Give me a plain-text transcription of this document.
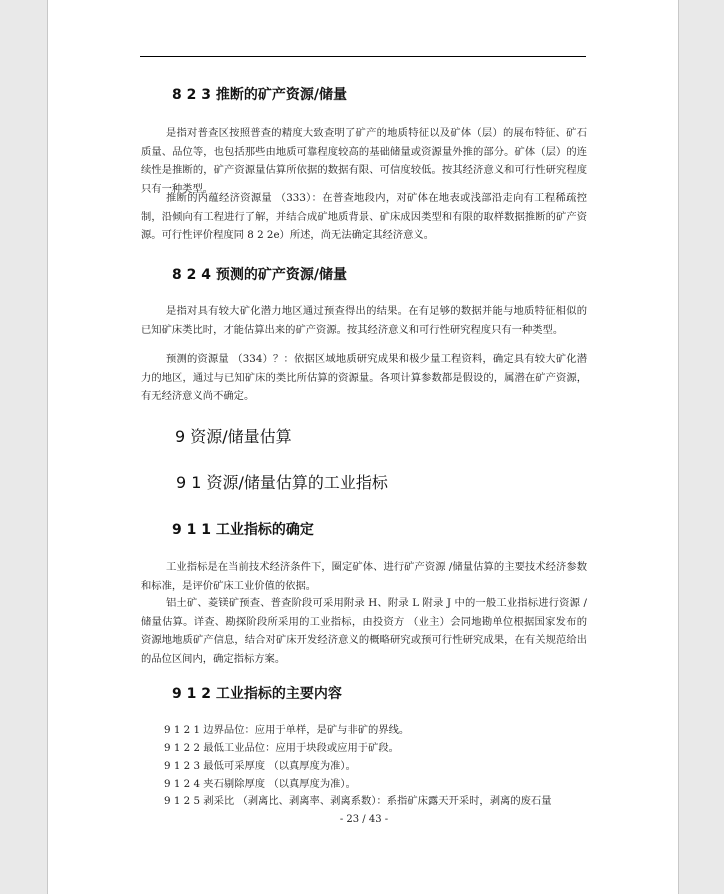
8 2 3 推断的矿产资源/储量

是指对普查区按照普查的精度大致查明了矿产的地质特征以及矿体（层）的展布特征、矿石质量、品位等，也包括那些由地质可靠程度较高的基础储量或资源量外推的部分。矿体（层）的连续性是推断的，矿产资源量估算所依据的数据有限、可信度较低。按其经济意义和可行性研究程度只有一种类型。

推断的内蕴经济资源量 （333）：在普查地段内，对矿体在地表或浅部沿走向有工程稀疏控制，沿倾向有工程进行了解，并结合成矿地质背景、矿床成因类型和有限的取样数据推断的矿产资源。可行性评价程度同 8 2 2e）所述，尚无法确定其经济意义。

8 2 4 预测的矿产资源/储量

是指对具有较大矿化潜力地区通过预查得出的结果。在有足够的数据并能与地质特征相似的已知矿床类比时，才能估算出来的矿产资源。按其经济意义和可行性研究程度只有一种类型。

预测的资源量 （334）？：依据区域地质研究成果和极少量工程资料，确定具有较大矿化潜力的地区，通过与已知矿床的类比所估算的资源量。各项计算参数都是假设的，属潜在矿产资源，有无经济意义尚不确定。

9 资源/储量估算
9 1 资源/储量估算的工业指标
9 1 1 工业指标的确定

工业指标是在当前技术经济条件下，圈定矿体、进行矿产资源 /储量估算的主要技术经济参数和标准，是评价矿床工业价值的依据。

铝土矿、菱镁矿预查、普查阶段可采用附录 H、附录 L 附录 J 中的一般工业指标进行资源 /储量估算。详查、勘探阶段所采用的工业指标，由投资方 （业主）会同地勘单位根据国家发布的资源地地质矿产信息，结合对矿床开发经济意义的概略研究或预可行性研究成果，在有关规范给出的品位区间内，确定指标方案。

9 1 2 工业指标的主要内容

9 1 2 1 边界品位：应用于单样，是矿与非矿的界线。

9 1 2 2 最低工业品位：应用于块段或应用于矿段。

9 1 2 3 最低可采厚度 （以真厚度为准）。

9 1 2 4 夹石剔除厚度 （以真厚度为准）。

9 1 2 5 剥采比 （剥离比、剥离率、剥离系数）：系指矿床露天开采时，剥离的废石量

- 23 / 43 -
